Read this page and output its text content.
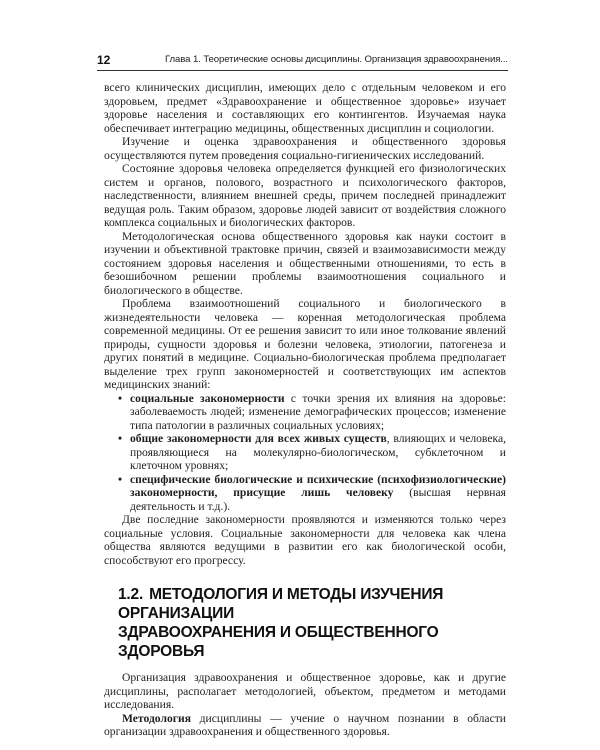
12	Глава 1. Теоретические основы дисциплины. Организация здравоохранения...

всего клинических дисциплин, имеющих дело с отдельным человеком и его здоровьем, предмет «Здравоохранение и общественное здоровье» изучает здоровье населения и составляющих его контингентов. Изучаемая наука обеспечивает интеграцию медицины, общественных дисциплин и социологии.

Изучение и оценка здравоохранения и общественного здоровья осуществляются путем проведения социально-гигиенических исследований.

Состояние здоровья человека определяется функцией его физиологических систем и органов, полового, возрастного и психологического факторов, наследственности, влиянием внешней среды, причем последней принадлежит ведущая роль. Таким образом, здоровье людей зависит от воздействия сложного комплекса социальных и биологических факторов.

Методологическая основа общественного здоровья как науки состоит в изучении и объективной трактовке причин, связей и взаимозависимости между состоянием здоровья населения и общественными отношениями, то есть в безошибочном решении проблемы взаимоотношения социального и биологического в обществе.

Проблема взаимоотношений социального и биологического в жизнедеятельности человека — коренная методологическая проблема современной медицины. От ее решения зависит то или иное толкование явлений природы, сущности здоровья и болезни человека, этиологии, патогенеза и других понятий в медицине. Социально-биологическая проблема предполагает выделение трех групп закономерностей и соответствующих им аспектов медицинских знаний:

• социальные закономерности с точки зрения их влияния на здоровье: заболеваемость людей; изменение демографических процессов; изменение типа патологии в различных социальных условиях;
• общие закономерности для всех живых существ, влияющих и человека, проявляющиеся на молекулярно-биологическом, субклеточном и клеточном уровнях;
• специфические биологические и психические (психофизиологические) закономерности, присущие лишь человеку (высшая нервная деятельность и т.д.).

Две последние закономерности проявляются и изменяются только через социальные условия. Социальные закономерности для человека как члена общества являются ведущими в развитии его как биологической особи, способствуют его прогрессу.

1.2. МЕТОДОЛОГИЯ И МЕТОДЫ ИЗУЧЕНИЯ ОРГАНИЗАЦИИ
ЗДРАВООХРАНЕНИЯ И ОБЩЕСТВЕННОГО ЗДОРОВЬЯ

Организация здравоохранения и общественное здоровье, как и другие дисциплины, располагает методологией, объектом, предметом и методами исследования.

Методология дисциплины — учение о научном познании в области организации здравоохранения и общественного здоровья.
